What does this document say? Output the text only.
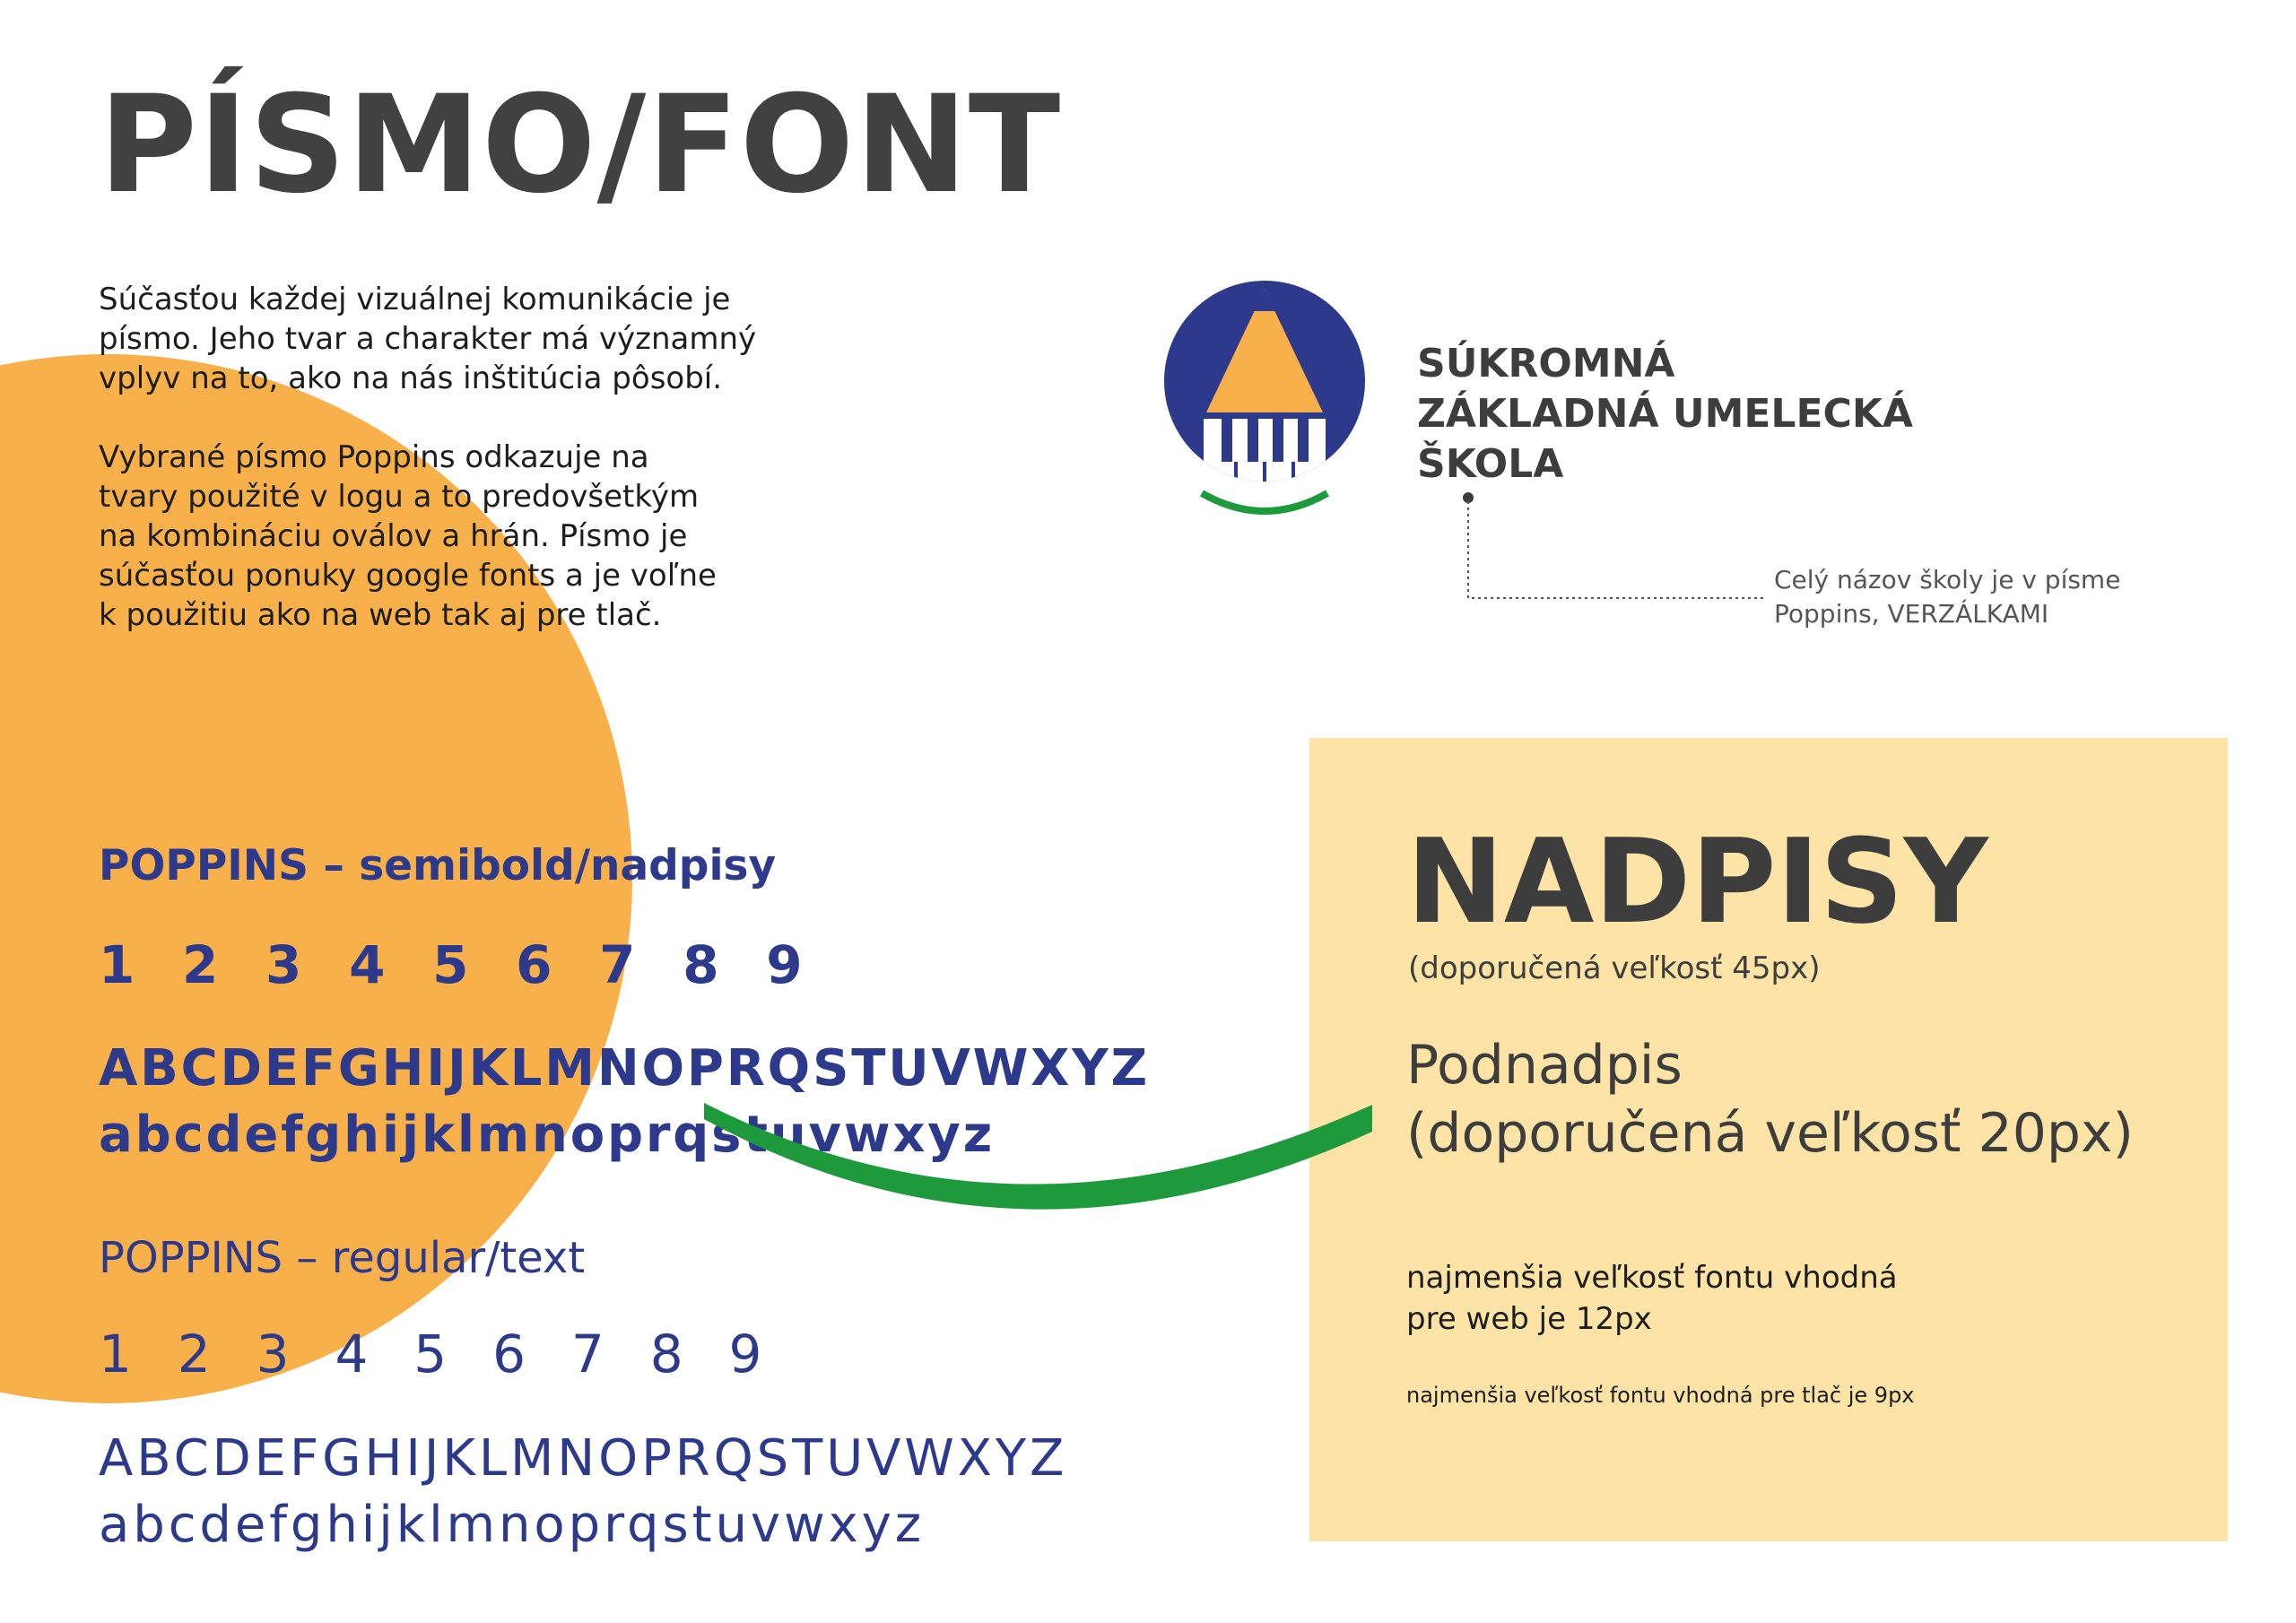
PÍSMO/FONT

Súčasťou každej vizuálnej komunikácie je
písmo. Jeho tvar a charakter má významný
vplyv na to, ako na nás inštitúcia pôsobí.

Vybrané písmo Poppins odkazuje na
tvary použité v logu a to predovšetkým
na kombináciu oválov a hrán. Písmo je
súčasťou ponuky google fonts a je voľne
k použitiu ako na web tak aj pre tlač.

SÚKROMNÁ
ZÁKLADNÁ UMELECKÁ
ŠKOLA
Celý názov školy je v písme
Poppins, VERZÁLKAMI
POPPINS – semibold/nadpisy
1 2 3 4 5 6 7 8 9
ABCDEFGHIJKLMNOPRQSTUVWXYZ
abcdefghijklmnoprqstuvwxyz
POPPINS – regular/text
1 2 3 4 5 6 7 8 9
ABCDEFGHIJKLMNOPRQSTUVWXYZ
abcdefghijklmnoprqstuvwxyz
NADPISY
(doporučená veľkosť 45px)
Podnadpis
(doporučená veľkosť 20px)
najmenšia veľkosť fontu vhodná
pre web je 12px
najmenšia veľkosť fontu vhodná pre tlač je 9px
